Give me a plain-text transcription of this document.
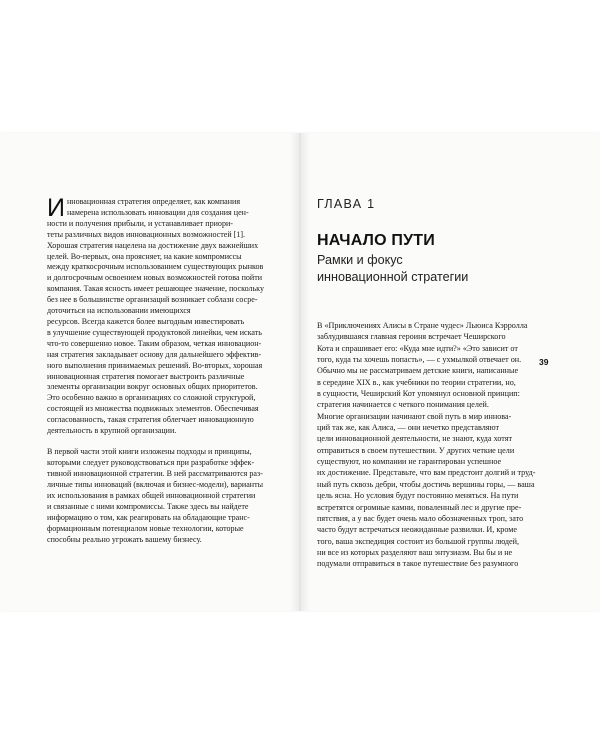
Инновационная стратегия определяет, как компания
намерена использовать инновации для создания цен-
ности и получения прибыли, и устанавливает приори-
теты различных видов инновационных возможностей [1].
Хорошая стратегия нацелена на достижение двух важнейших
целей. Во-первых, она проясняет, на какие компромиссы
между краткосрочным использованием существующих рынков
и долгосрочным освоением новых возможностей готова пойти
компания. Такая ясность имеет решающее значение, поскольку
без нее в большинстве организаций возникает соблазн сосре-
доточиться на использовании имеющихся
ресурсов. Всегда кажется более выгодным инвестировать
в улучшение существующей продуктовой линейки, чем искать
что-то совершенно новое. Таким образом, четкая инновацион-
ная стратегия закладывает основу для дальнейшего эффектив-
ного выполнения принимаемых решений. Во-вторых, хорошая
инновационная стратегия помогает выстроить различные
элементы организации вокруг основных общих приоритетов.
Это особенно важно в организациях со сложной структурой,
состоящей из множества подвижных элементов. Обеспечивая
согласованность, такая стратегия облегчает инновационную
деятельность в крупной организации.

В первой части этой книги изложены подходы и принципы,
которыми следует руководствоваться при разработке эффек-
тивной инновационной стратегии. В ней рассматриваются раз-
личные типы инноваций (включая и бизнес-модели), варианты
их использования в рамках общей инновационной стратегии
и связанные с ними компромиссы. Также здесь вы найдете
информацию о том, как реагировать на обладающие транс-
формационным потенциалом новые технологии, которые
способны реально угрожать вашему бизнесу.

ГЛАВА 1

НАЧАЛО ПУТИ

Рамки и фокус
инновационной стратегии

В «Приключениях Алисы в Стране чудес» Льюиса Кэрролла
заблудившаяся главная героиня встречает Чеширского
Кота и спрашивает его: «Куда мне идти?» «Это зависит от
того, куда ты хочешь попасть», — с ухмылкой отвечает он.
Обычно мы не рассматриваем детские книги, написанные
в середине XIX в., как учебники по теории стратегии, но,
в сущности, Чеширский Кот упомянул основной принцип:
стратегия начинается с четкого понимания целей.

Многие организации начинают свой путь в мир иннова-
ций так же, как Алиса, — они нечетко представляют
цели инновационной деятельности, не знают, куда хотят
отправиться в своем путешествии. У других четкие цели
существуют, но компании не гарантирован успешное
их достижение. Представьте, что вам предстоит долгий и труд-
ный путь сквозь дебри, чтобы достичь вершины горы, — ваша
цель ясна. Но условия будут постоянно меняться. На пути
встретятся огромные камни, поваленный лес и другие пре-
пятствия, а у вас будет очень мало обозначенных троп, зато
часто будут встречаться неожиданные развилки. И, кроме
того, ваша экспедиция состоит из большой группы людей,
ни все из которых разделяют ваш энтузиазм. Вы бы и не
подумали отправиться в такое путешествие без разумного

39
